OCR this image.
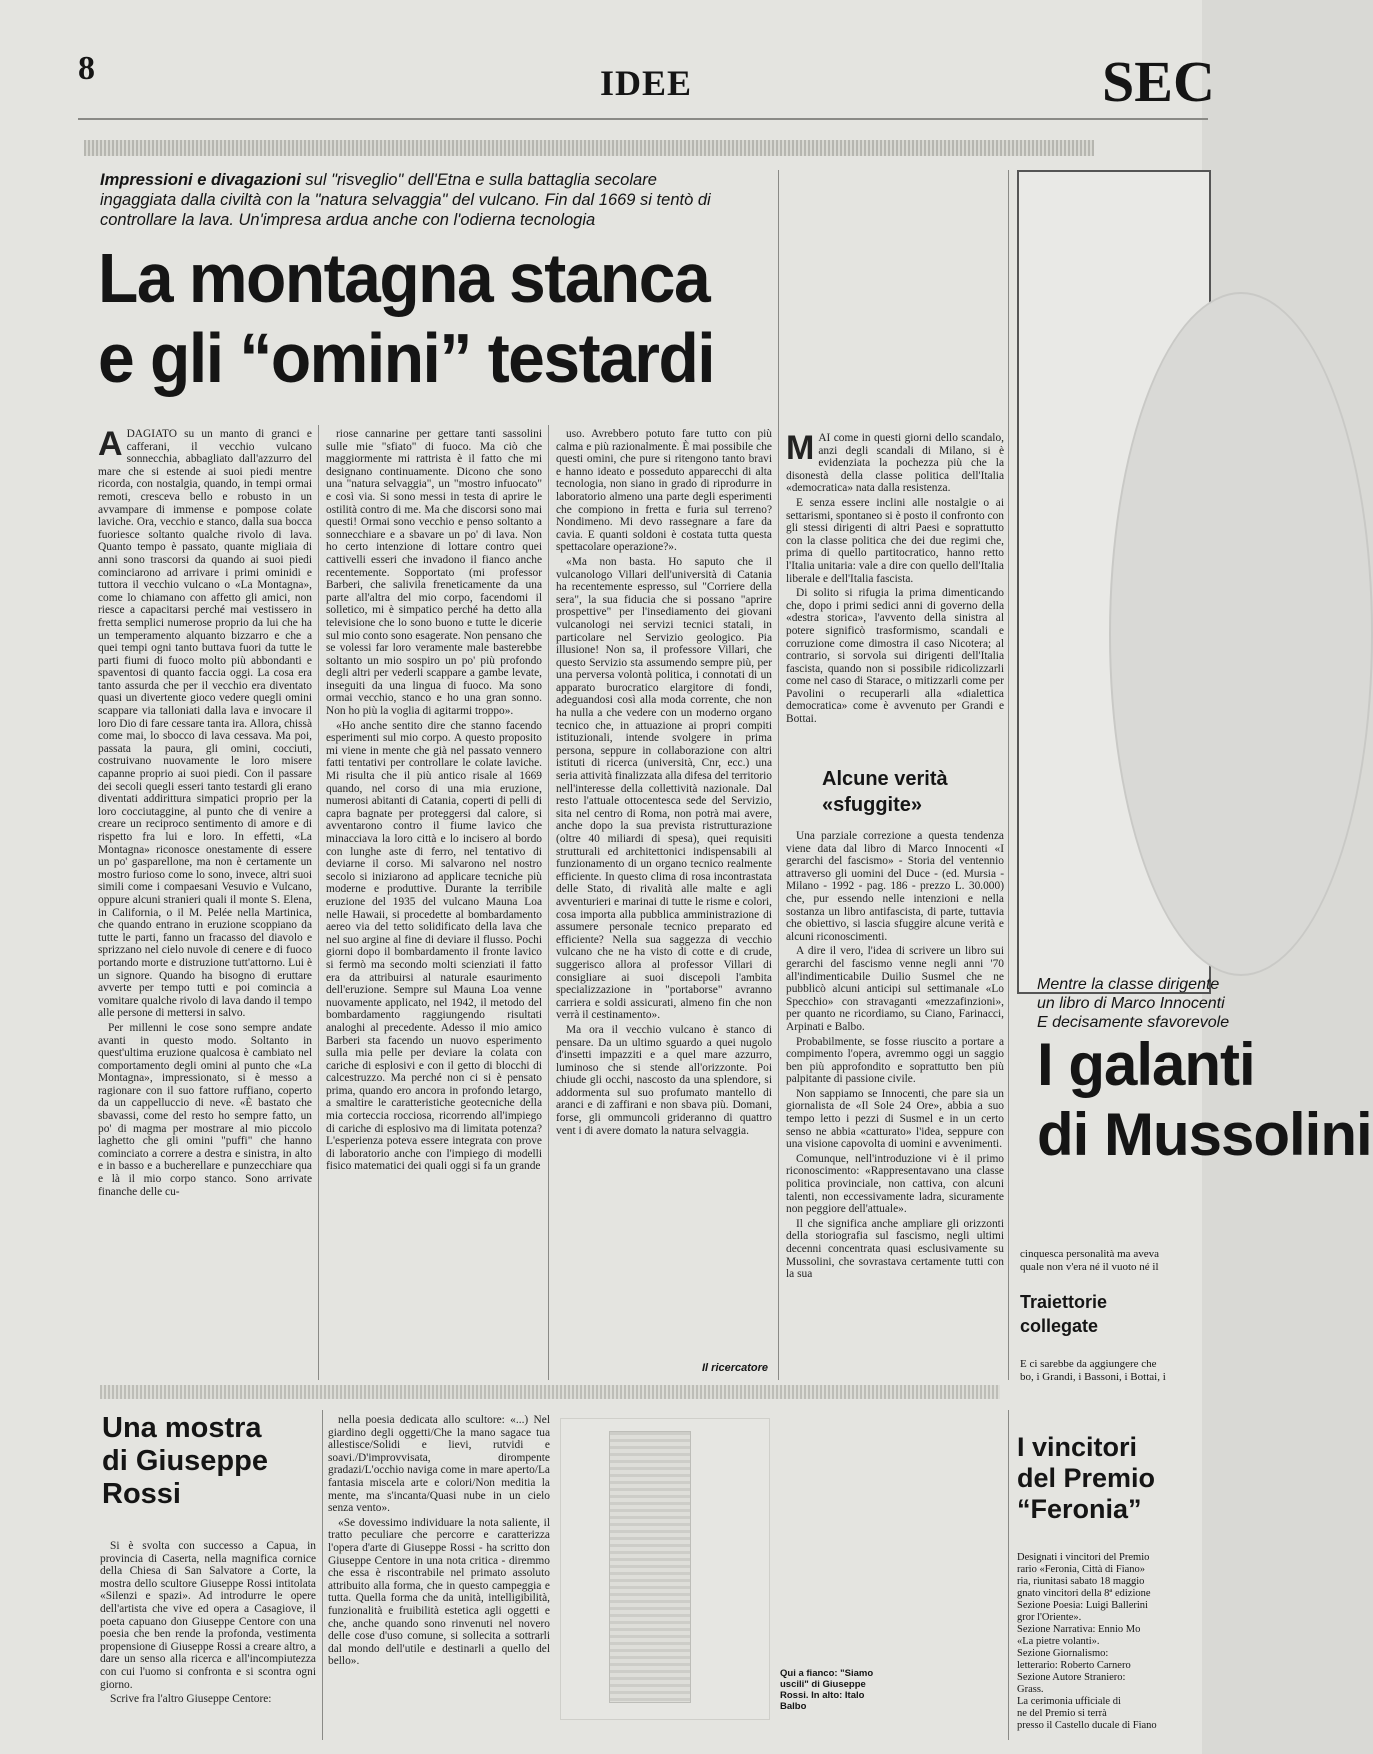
8	IDEE	SEC
Impressioni e divagazioni sul "risveglio" dell'Etna e sulla battaglia secolare ingaggiata dalla civiltà con la "natura selvaggia" del vulcano. Fin dal 1669 si tentò di controllare la lava. Un'impresa ardua anche con l'odierna tecnologia
La montagna stanca
e gli “omini” testardi

ADAGIATO su un manto di granci e cafferani, il vecchio vulcano sonnecchia, abbagliato dall'azzurro del mare che si estende ai suoi piedi mentre ricorda, con nostalgia, quando, in tempi ormai remoti, cresceva bello e robusto in un avvampare di immense e pompose colate laviche. Ora, vecchio e stanco, dalla sua bocca fuoriesce soltanto qualche rivolo di lava. Quanto tempo è passato, quante migliaia di anni sono trascorsi da quando ai suoi piedi cominciarono ad arrivare i primi ominidi e tuttora il vecchio vulcano o «La Montagna», come lo chiamano con affetto gli amici, non riesce a capacitarsi perché mai vestissero in fretta semplici numerose proprio da lui che ha un temperamento alquanto bizzarro e che a quei tempi ogni tanto buttava fuori da tutte le parti fiumi di fuoco molto più abbondanti e spaventosi di quanto faccia oggi. La cosa era tanto assurda che per il vecchio era diventato quasi un divertente gioco vedere quegli omini scappare via talloniati dalla lava e invocare il loro Dio di fare cessare tanta ira. Allora, chissà come mai, lo sbocco di lava cessava. Ma poi, passata la paura, gli omini, cocciuti, costruivano nuovamente le loro misere capanne proprio ai suoi piedi. Con il passare dei secoli quegli esseri tanto testardi gli erano diventati addirittura simpatici proprio per la loro cocciutaggine, al punto che di venire a creare un reciproco sentimento di amore e di rispetto fra lui e loro. In effetti, «La Montagna» riconosce onestamente di essere un po' gasparellone, ma non è certamente un mostro furioso come lo sono, invece, altri suoi simili come i compaesani Vesuvio e Vulcano, oppure alcuni stranieri quali il monte S. Elena, in California, o il M. Pelée nella Martinica, che quando entrano in eruzione scoppiano da tutte le parti, fanno un fracasso del diavolo e sprizzano nel cielo nuvole di cenere e di fuoco portando morte e distruzione tutt'attorno. Lui è un signore. Quando ha bisogno di eruttare avverte per tempo tutti e poi comincia a vomitare qualche rivolo di lava dando il tempo alle persone di mettersi in salvo.

Per millenni le cose sono sempre andate avanti in questo modo. Soltanto in quest'ultima eruzione qualcosa è cambiato nel comportamento degli omini al punto che «La Montagna», impressionato, si è messo a ragionare con il suo fattore ruffiano, coperto da un cappelluccio di neve. «È bastato che sbavassi, come del resto ho sempre fatto, un po' di magma per mostrare al mio piccolo laghetto che gli omini "puffi" che hanno cominciato a correre a destra e sinistra, in alto e in basso e a bucherellare e punzecchiare qua e là il mio corpo stanco. Sono arrivate finanche delle cu-

riose cannarine per gettare tanti sassolini sulle mie "sfiato" di fuoco. Ma ciò che maggiormente mi rattrista è il fatto che mi designano continuamente. Dicono che sono una "natura selvaggia", un "mostro infuocato" e così via. Si sono messi in testa di aprire le ostilità contro di me. Ma che discorsi sono mai questi! Ormai sono vecchio e penso soltanto a sonnecchiare e a sbavare un po' di lava. Non ho certo intenzione di lottare contro quei cattivelli esseri che invadono il fianco anche recentemente. Sopportato (mi professor Barberi, che salivila freneticamente da una parte all'altra del mio corpo, facendomi il solletico, mi è simpatico perché ha detto alla televisione che lo sono buono e tutte le dicerie sul mio conto sono esagerate. Non pensano che se volessi far loro veramente male basterebbe soltanto un mio sospiro un po' più profondo degli altri per vederli scappare a gambe levate, inseguiti da una lingua di fuoco. Ma sono ormai vecchio, stanco e ho una gran sonno. Non ho più la voglia di agitarmi troppo».

«Ho anche sentito dire che stanno facendo esperimenti sul mio corpo. A questo proposito mi viene in mente che già nel passato vennero fatti tentativi per controllare le colate laviche. Mi risulta che il più antico risale al 1669 quando, nel corso di una mia eruzione, numerosi abitanti di Catania, coperti di pelli di capra bagnate per proteggersi dal calore, si avventarono contro il fiume lavico che minacciava la loro città e lo incisero al bordo con lunghe aste di ferro, nel tentativo di deviarne il corso. Mi salvarono nel nostro secolo si iniziarono ad applicare tecniche più moderne e produttive. Durante la terribile eruzione del 1935 del vulcano Mauna Loa nelle Hawaii, si procedette al bombardamento aereo via del tetto solidificato della lava che nel suo argine al fine di deviare il flusso. Pochi giorni dopo il bombardamento il fronte lavico si fermò ma secondo molti scienziati il fatto era da attribuirsi al naturale esaurimento dell'eruzione. Sempre sul Mauna Loa venne nuovamente applicato, nel 1942, il metodo del bombardamento raggiungendo risultati analoghi al precedente. Adesso il mio amico Barberi sta facendo un nuovo esperimento sulla mia pelle per deviare la colata con cariche di esplosivi e con il getto di blocchi di calcestruzzo. Ma perché non ci si è pensato prima, quando ero ancora in profondo letargo, a smaltire le caratteristiche geotecniche della mia corteccia rocciosa, ricorrendo all'impiego di cariche di esplosivo ma di limitata potenza? L'esperienza poteva essere integrata con prove di laboratorio anche con l'impiego di modelli fisico matematici dei quali oggi si fa un grande

uso. Avrebbero potuto fare tutto con più calma e più razionalmente. È mai possibile che questi omini, che pure si ritengono tanto bravi e hanno ideato e posseduto apparecchi di alta tecnologia, non siano in grado di riprodurre in laboratorio almeno una parte degli esperimenti che compiono in fretta e furia sul terreno? Nondimeno. Mi devo rassegnare a fare da cavia. E quanti soldoni è costata tutta questa spettacolare operazione?».

«Ma non basta. Ho saputo che il vulcanologo Villari dell'università di Catania ha recentemente espresso, sul "Corriere della sera", la sua fiducia che si possano "aprire prospettive" per l'insediamento dei giovani vulcanologi nei servizi tecnici statali, in particolare nel Servizio geologico. Pia illusione! Non sa, il professore Villari, che questo Servizio sta assumendo sempre più, per una perversa volontà politica, i connotati di un apparato burocratico elargitore di fondi, adeguandosi così alla moda corrente, che non ha nulla a che vedere con un moderno organo tecnico che, in attuazione ai propri compiti istituzionali, intende svolgere in prima persona, seppure in collaborazione con altri istituti di ricerca (università, Cnr, ecc.) una seria attività finalizzata alla difesa del territorio nell'interesse della collettività nazionale. Dal resto l'attuale ottocentesca sede del Servizio, sita nel centro di Roma, non potrà mai avere, anche dopo la sua prevista ristrutturazione (oltre 40 miliardi di spesa), quei requisiti strutturali ed architettonici indispensabili al funzionamento di un organo tecnico realmente efficiente. In questo clima di rosa incontrastata delle Stato, di rivalità alle malte e agli avventurieri e marinai di tutte le risme e colori, cosa importa alla pubblica amministrazione di assumere personale tecnico preparato ed efficiente? Nella sua saggezza di vecchio vulcano che ne ha visto di cotte e di crude, suggerisco allora al professor Villari di consigliare ai suoi discepoli l'ambita specializzazione in "portaborse" avranno carriera e soldi assicurati, almeno fin che non verrà il cestinamento».

Ma ora il vecchio vulcano è stanco di pensare. Da un ultimo sguardo a quei nugolo d'insetti impazziti e a quel mare azzurro, luminoso che si stende all'orizzonte. Poi chiude gli occhi, nascosto da una splendore, si addormenta sul suo profumato mantello di aranci e di zaffirani e non sbava più. Domani, forse, gli ommuncoli grideranno di quattro vent i di avere domato la natura selvaggia.

Il ricercatore

MAI come in questi giorni dello scandalo, anzi degli scandali di Milano, si è evidenziata la pochezza più che la disonestà della classe politica dell'Italia «democratica» nata dalla resistenza.

E senza essere inclini alle nostalgie o ai settarismi, spontaneo si è posto il confronto con gli stessi dirigenti di altri Paesi e soprattutto con la classe politica che dei due regimi che, prima di quello partitocratico, hanno retto l'Italia unitaria: vale a dire con quello dell'Italia liberale e dell'Italia fascista.

Di solito si rifugia la prima dimenticando che, dopo i primi sedici anni di governo della «destra storica», l'avvento della sinistra al potere significò trasformismo, scandali e corruzione come dimostra il caso Nicotera; al contrario, si sorvola sui dirigenti dell'Italia fascista, quando non si possibile ridicolizzarli come nel caso di Starace, o mitizzarli come per Pavolini o recuperarli alla «dialettica democratica» come è avvenuto per Grandi e Bottai.

Alcune verità «sfuggite»

Una parziale correzione a questa tendenza viene data dal libro di Marco Innocenti «I gerarchi del fascismo» - Storia del ventennio attraverso gli uomini del Duce - (ed. Mursia - Milano - 1992 - pag. 186 - prezzo L. 30.000) che, pur essendo nelle intenzioni e nella sostanza un libro antifascista, di parte, tuttavia che obiettivo, si lascia sfuggire alcune verità e alcuni riconoscimenti.

A dire il vero, l'idea di scrivere un libro sui gerarchi del fascismo venne negli anni '70 all'indimenticabile Duilio Susmel che ne pubblicò alcuni anticipi sul settimanale «Lo Specchio» con stravaganti «mezzafinzioni», per quanto ne ricordiamo, su Ciano, Farinacci, Arpinati e Balbo.

Probabilmente, se fosse riuscito a portare a compimento l'opera, avremmo oggi un saggio ben più approfondito e soprattutto ben più palpitante di passione civile.

Non sappiamo se Innocenti, che pare sia un giornalista de «Il Sole 24 Ore», abbia a suo tempo letto i pezzi di Susmel e in un certo senso ne abbia «catturato» l'idea, seppure con una visione capovolta di uomini e avvenimenti.

Comunque, nell'introduzione vi è il primo riconoscimento: «Rappresentavano una classe politica provinciale, non cattiva, con alcuni talenti, non eccessivamente ladra, sicuramente non peggiore dell'attuale».

Il che significa anche ampliare gli orizzonti della storiografia sul fascismo, negli ultimi decenni concentrata quasi esclusivamente su Mussolini, che sovrastava certamente tutti con la sua

Mentre la classe dirigente
un libro di Marco Innocenti
E decisamente sfavorevole
I galanti
di Mussolini
cinquesca personalità ma aveva
quale non v'era né il vuoto né il
Traiettorie
collegate
E ci sarebbe da aggiungere che
bo, i Grandi, i Bassoni, i Bottai, i
Una mostra
di Giuseppe
Rossi

Si è svolta con successo a Capua, in provincia di Caserta, nella magnifica cornice della Chiesa di San Salvatore a Corte, la mostra dello scultore Giuseppe Rossi intitolata «Silenzi e spazi». Ad introdurre le opere dell'artista che vive ed opera a Casagiove, il poeta capuano don Giuseppe Centore con una poesia che ben rende la profonda, vestimenta propensione di Giuseppe Rossi a creare altro, a dare un senso alla ricerca e all'incompiutezza con cui l'uomo si confronta e si scontra ogni giorno.

Scrive fra l'altro Giuseppe Centore:

nella poesia dedicata allo scultore: «...) Nel giardino degli oggetti/Che la mano sagace tua allestisce/Solidi e lievi, rutvidi e soavi./D'improvvisata, dirompente gradazi/L'occhio naviga come in mare aperto/La fantasia miscela arte e colori/Non meditia la mente, ma s'incanta/Quasi nube in un cielo senza vento».

«Se dovessimo individuare la nota saliente, il tratto peculiare che percorre e caratterizza l'opera d'arte di Giuseppe Rossi - ha scritto don Giuseppe Centore in una nota critica - diremmo che essa è riscontrabile nel primato assoluto attribuito alla forma, che in questo campeggia e tutta. Quella forma che da unità, intelligibilità, funzionalità e fruibilità estetica agli oggetti e che, anche quando sono rinvenuti nel novero delle cose d'uso comune, si sollecita a sottrarli dal mondo dell'utile e destinarli a quello del bello».

Qui a fianco: "Siamo uscili" di Giuseppe Rossi. In alto: Italo Balbo
I vincitori
del Premio
“Feronia”

Designati i vincitori del Premio

rario «Feronia, Città di Fiano»

ria, riunitasi sabato 18 maggio

gnato vincitori della 8ª edizione

Sezione Poesia: Luigi Ballerini

gror l'Oriente».

Sezione Narrativa: Ennio Mo

«La pietre volanti».

Sezione Giornalismo:

letterario: Roberto Carnero

Sezione Autore Straniero:

Grass.

La cerimonia ufficiale di

ne del Premio si terrà

presso il Castello ducale di Fiano
